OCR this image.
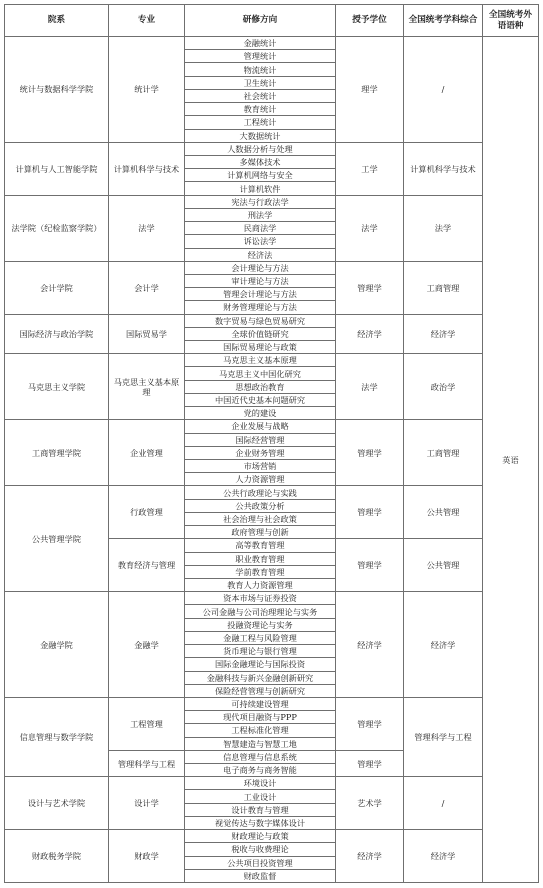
院系	专业	研修方向	授予学位	全国统考学科综合	全国统考外语语种
统计与数据科学学院	统计学	金融统计	理学	/	英语
		管理统计			
		物流统计			
		卫生统计			
		社会统计			
		教育统计			
		工程统计			
		大数据统计			
计算机与人工智能学院	计算机科学与技术	人数据分析与处理	工学	计算机科学与技术	
		多媒体技术			
		计算机网络与安全			
		计算机软件			
法学院（纪检监察学院）	法学	宪法与行政法学	法学	法学	
		刑法学			
		民商法学			
		诉讼法学			
		经济法			
会计学院	会计学	会计理论与方法	管理学	工商管理	
		审计理论与方法			
		管理会计理论与方法			
		财务管理理论与方法			
国际经济与政治学院	国际贸易学	数字贸易与绿色贸易研究	经济学	经济学	
		全球价值链研究			
		国际贸易理论与政策			
马克思主义学院	马克思主义基本原理	马克思主义基本原理	法学	政治学	
		马克思主义中国化研究			
		思想政治教育			
		中国近代史基本问题研究			
		党的建设			
工商管理学院	企业管理	企业发展与战略	管理学	工商管理	
		国际经营管理			
		企业财务管理			
		市场营销			
		人力资源管理			
公共管理学院	行政管理	公共行政理论与实践	管理学	公共管理	
		公共政策分析			
		社会治理与社会政策			
		政府管理与创新			
	教育经济与管理	高等教育管理	管理学	公共管理	
		职业教育管理			
		学前教育管理			
		教育人力资源管理			
金融学院	金融学	资本市场与证券投资	经济学	经济学	
		公司金融与公司治理理论与实务			
		投融资理论与实务			
		金融工程与风险管理			
		货币理论与银行管理			
		国际金融理论与国际投资			
		金融科技与新兴金融创新研究			
		保险经营管理与创新研究			
信息管理与数学学院	工程管理	可持续建设管理	管理学	管理科学与工程	
		现代项目融资与PPP			
		工程标准化管理			
		智慧建造与智慧工地			
	管理科学与工程	信息管理与信息系统	管理学		
		电子商务与商务智能			
设计与艺术学院	设计学	环境设计	艺术学	/	
		工业设计			
		设计教育与管理			
		视觉传达与数字媒体设计			
财政税务学院	财政学	财政理论与政策	经济学	经济学	
		税收与收费理论			
		公共项目投资管理			
		财政监督			
